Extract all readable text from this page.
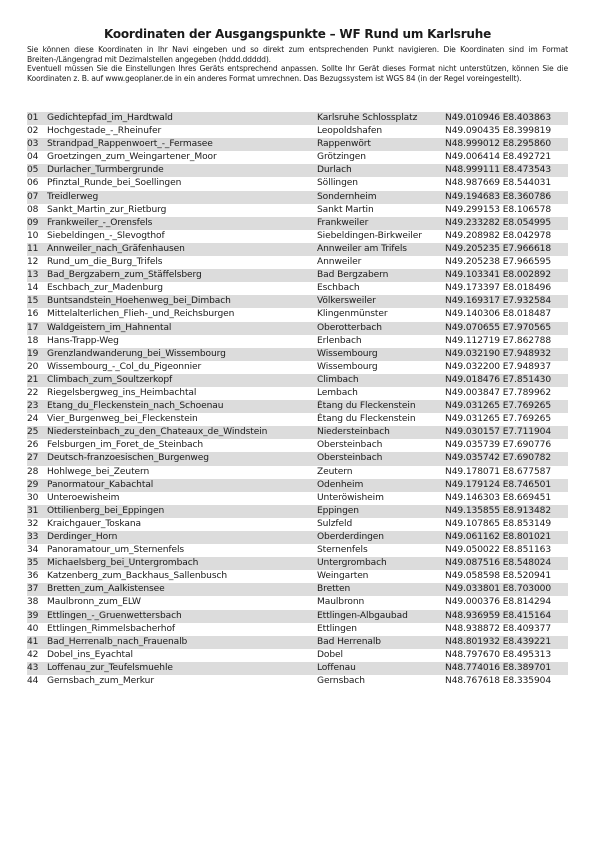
Koordinaten der Ausgangspunkte – WF Rund um Karlsruhe

Sie können diese Koordinaten in Ihr Navi eingeben und so direkt zum entsprechenden Punkt navigieren. Die Koordinaten sind im Format Breiten-/Längengrad mit Dezimalstellen angegeben (hddd.ddddd).

Eventuell müssen Sie die Einstellungen Ihres Geräts entsprechend anpassen. Sollte Ihr Gerät dieses Format nicht unterstützen, können Sie die Koordinaten z. B. auf www.geoplaner.de in ein anderes Format umrechnen. Das Bezugssystem ist WGS 84 (in der Regel voreingestellt).

01 Gedichtepfad_im_Hardtwald	Karlsruhe Schlossplatz	N49.010946 E8.403863
02 Hochgestade_-_Rheinufer	Leopoldshafen	N49.090435 E8.399819
03 Strandpad_Rappenwoert_-_Fermasee	Rappenwört	N48.999012 E8.295860
04 Groetzingen_zum_Weingartener_Moor	Grötzingen	N49.006414 E8.492721
05 Durlacher_Turmbergrunde	Durlach	N48.999111 E8.473543
06 Pfinztal_Runde_bei_Soellingen	Söllingen	N48.987669 E8.544031
07 Treidlerweg	Sondernheim	N49.194683 E8.360786
08 Sankt_Martin_zur_Rietburg	Sankt Martin	N49.299153 E8.106578
09 Frankweiler_-_Orensfels	Frankweiler	N49.233282 E8.054995
10 Siebeldingen_-_Slevogthof	Siebeldingen-Birkweiler	N49.208982 E8.042978
11 Annweiler_nach_Gräfenhausen	Annweiler am Trifels	N49.205235 E7.966618
12 Rund_um_die_Burg_Trifels	Annweiler	N49.205238 E7.966595
13 Bad_Bergzabern_zum_Stäffelsberg	Bad Bergzabern	N49.103341 E8.002892
14 Eschbach_zur_Madenburg	Eschbach	N49.173397 E8.018496
15 Buntsandstein_Hoehenweg_bei_Dimbach	Völkersweiler	N49.169317 E7.932584
16 Mittelalterlichen_Flieh-_und_Reichsburgen	Klingenmünster	N49.140306 E8.018487
17 Waldgeistern_im_Hahnental	Oberotterbach	N49.070655 E7.970565
18 Hans-Trapp-Weg	Erlenbach	N49.112719 E7.862788
19 Grenzlandwanderung_bei_Wissembourg	Wissembourg	N49.032190 E7.948932
20 Wissembourg_-_Col_du_Pigeonnier	Wissembourg	N49.032200 E7.948937
21 Climbach_zum_Soultzerkopf	Climbach	N49.018476 E7.851430
22 Riegelsbergweg_ins_Heimbachtal	Lembach	N49.003847 E7.789962
23 Etang_du_Fleckenstein_nach_Schoenau	Étang du Fleckenstein	N49.031265 E7.769265
24 Vier_Burgenweg_bei_Fleckenstein	Étang du Fleckenstein	N49.031265 E7.769265
25 Niedersteinbach_zu_den_Chateaux_de_Windstein	Niedersteinbach	N49.030157 E7.711904
26 Felsburgen_im_Foret_de_Steinbach	Obersteinbach	N49.035739 E7.690776
27 Deutsch-franzoesischen_Burgenweg	Obersteinbach	N49.035742 E7.690782
28 Hohlwege_bei_Zeutern	Zeutern	N49.178071 E8.677587
29 Panormatour_Kabachtal	Odenheim	N49.179124 E8.746501
30 Unteroewisheim	Unteröwisheim	N49.146303 E8.669451
31 Ottilienberg_bei_Eppingen	Eppingen	N49.135855 E8.913482
32 Kraichgauer_Toskana	Sulzfeld	N49.107865 E8.853149
33 Derdinger_Horn	Oberderdingen	N49.061162 E8.801021
34 Panoramatour_um_Sternenfels	Sternenfels	N49.050022 E8.851163
35 Michaelsberg_bei_Untergrombach	Untergrombach	N49.087516 E8.548024
36 Katzenberg_zum_Backhaus_Sallenbusch	Weingarten	N49.058598 E8.520941
37 Bretten_zum_Aalkistensee	Bretten	N49.033801 E8.703000
38 Maulbronn_zum_ELW	Maulbronn	N49.000376 E8.814294
39 Ettlingen_-_Gruenwettersbach	Ettlingen-Albgaubad	N48.936959 E8.415164
40 Ettlingen_Rimmelsbacherhof	Ettlingen	N48.938872 E8.409377
41 Bad_Herrenalb_nach_Frauenalb	Bad Herrenalb	N48.801932 E8.439221
42 Dobel_ins_Eyachtal	Dobel	N48.797670 E8.495313
43 Loffenau_zur_Teufelsmuehle	Loffenau	N48.774016 E8.389701
44 Gernsbach_zum_Merkur	Gernsbach	N48.767618 E8.335904
